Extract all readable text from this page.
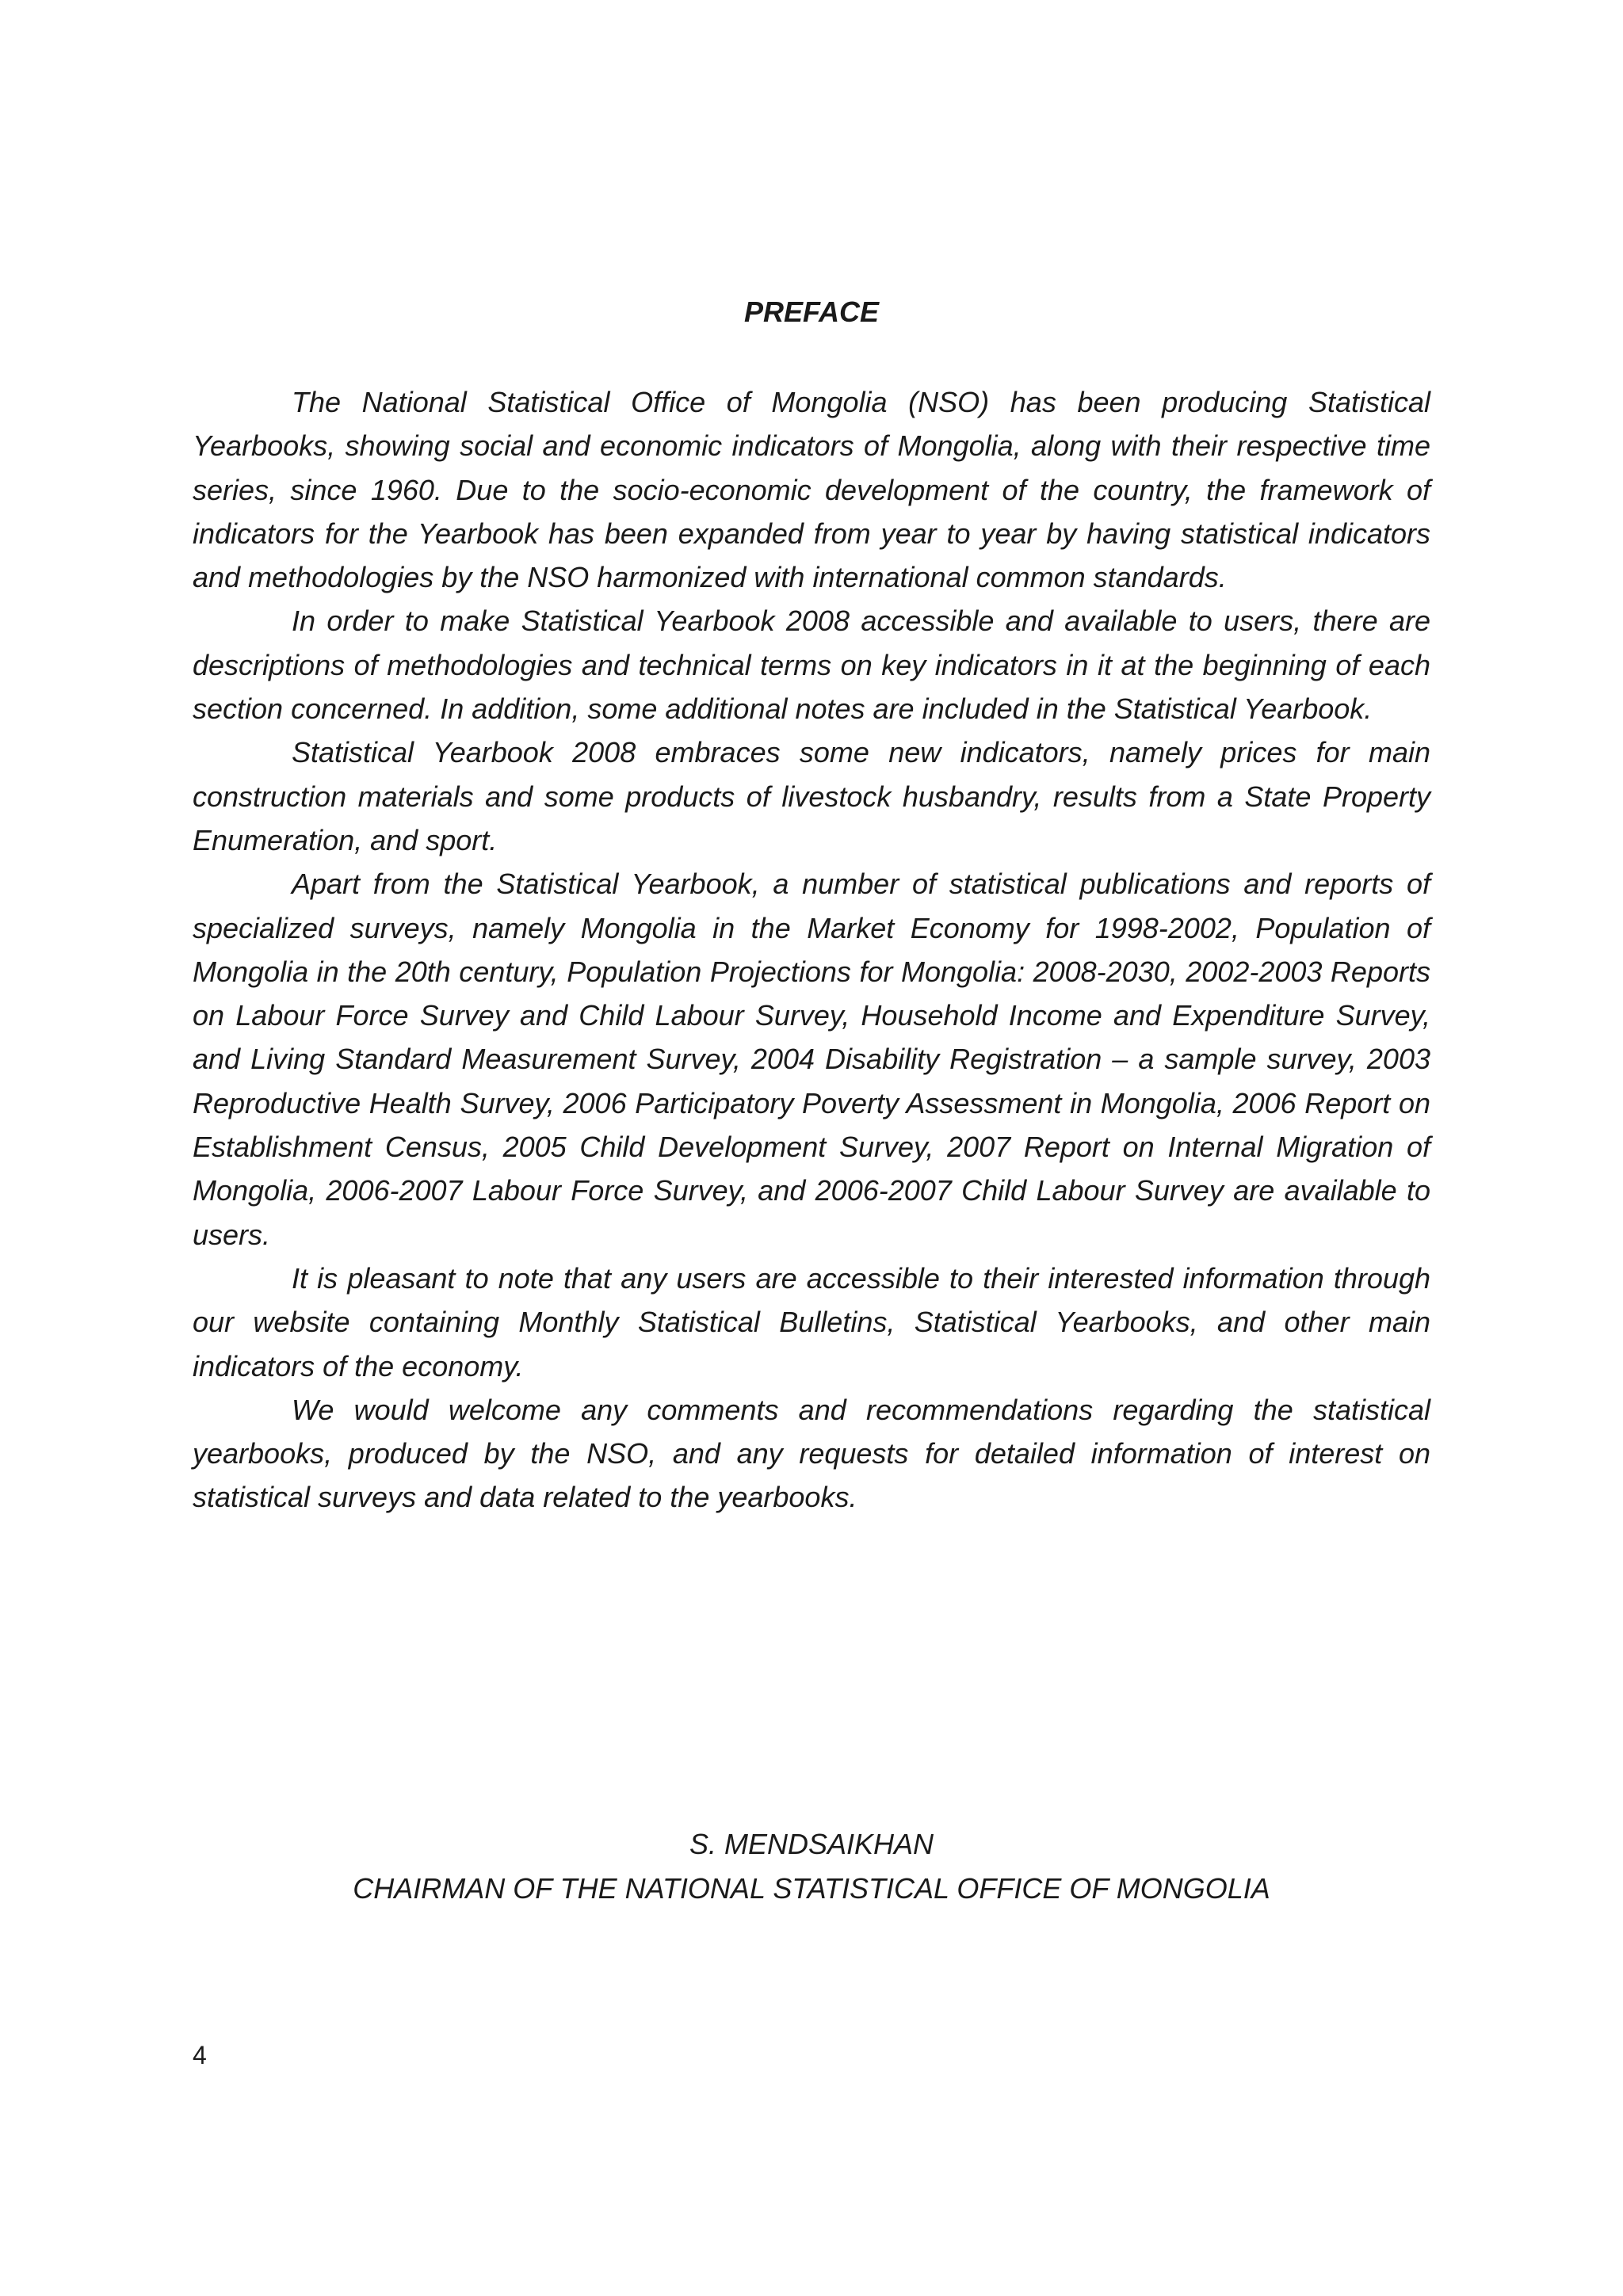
PREFACE

The National Statistical Office of Mongolia (NSO) has been producing Statistical Yearbooks, showing social and economic indicators of Mongolia, along with their respective time series, since 1960. Due to the socio-economic development of the country, the framework of indicators for the Yearbook has been expanded from year to year by having statistical indicators and methodologies by the NSO harmonized with international common standards.

In order to make Statistical Yearbook 2008 accessible and available to users, there are descriptions of methodologies and technical terms on key indicators in it at the beginning of each section concerned. In addition, some additional notes are included in the Statistical Yearbook.

Statistical Yearbook 2008 embraces some new indicators, namely prices for main construction materials and some products of livestock husbandry, results from a State Property Enumeration, and sport.

Apart from the Statistical Yearbook, a number of statistical publications and reports of specialized surveys, namely Mongolia in the Market Economy for 1998-2002, Population of Mongolia in the 20th century, Population Projections for Mongolia: 2008-2030, 2002-2003 Reports on Labour Force Survey and Child Labour Survey, Household Income and Expenditure Survey, and Living Standard Measurement Survey, 2004 Disability Registration – a sample survey, 2003 Reproductive Health Survey, 2006 Participatory Poverty Assessment in Mongolia, 2006 Report on Establishment Census, 2005 Child Development Survey, 2007 Report on Internal Migration of Mongolia, 2006-2007 Labour Force Survey, and 2006-2007 Child Labour Survey are available to users.

It is pleasant to note that any users are accessible to their interested information through our website containing Monthly Statistical Bulletins, Statistical Yearbooks, and other main indicators of the economy.

We would welcome any comments and recommendations regarding the statistical yearbooks, produced by the NSO, and any requests for detailed information of interest on statistical surveys and data related to the yearbooks.

S. MENDSAIKHAN
CHAIRMAN OF THE NATIONAL STATISTICAL OFFICE OF MONGOLIA
4
